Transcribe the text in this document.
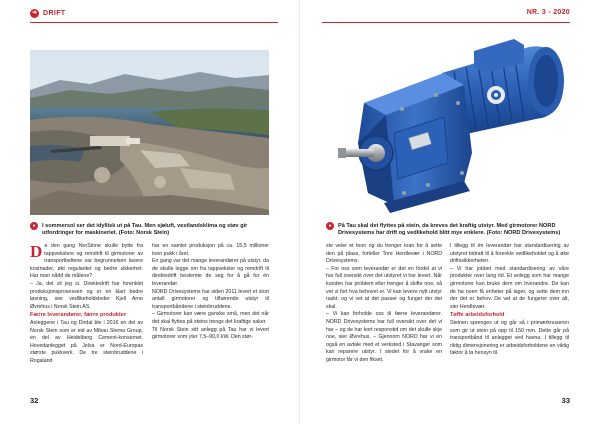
➜ DRIFT
●	I sommersol ser det idyllisk ut på Tau. Men sjøluft, vestlandsklima og støv gir utfordringer for maskineriet. (Foto: Norsk Stein)
D a den gang NorStone skulle bytte fra tappvekslere og remdrift til girmotorer av transportbeltene var begrunnelsen lavere kostnader, økt regularitet og bedre sikkerhet. Har man nådd de målene?

– Ja, det vil jeg si. Direktedrift har forenklet produksjonsprosessen og er en klart bedre løsning, sier vedlikeholdsleder Kjell Arne Øvrehus i Norsk Stein AS.

Færre leverandører, færre produkter

Anleggene i Tau og Dirdal ble i 2016 en del av Norsk Stein som er eid av Mibau Stema Group, en del av Heidelberg Cement-konsernet. Hovedanlegget på Jelsa er Nord-Europas største pukkverk. De tre steinbruddene i Rogaland

har en samlet produksjon på ca. 15,5 millioner tonn pukk i året.

En gang var det mange leverandører på utstyr, da de skulle legge om fra tappveksler og remdrift til direktedrift bestemte de seg for å gå for én leverandør.

NORD Drivesystems har siden 2011 levert et stort antall girmotorer og tilhørende utstyr til transportbåndene i steinbruddene.

– Girmotorer kan være ganske små, men det når det skal flyttes på steins trengs det kraftige saker.

Til Norsk Stein sitt anlegg på Tau har vi levert girmotorer som yter 7,5–90,0 kW. Den stør-

32
NR. 3 - 2020
●	På Tau skal det flyttes på stein, da kreves det kraftig utstyr. Med girmotorer NORD Drivesystems har drift og vedlikehold blitt mye enklere. (Foto: NORD Drivesystems)

ste veier et tonn og du trenger kran for å sette den på plass, forteller Tore Herdlevær i NORD Drivesystems.

– For oss som leverandør er det en fordel at vi har full oversikt over det utstyret vi har levert. Når kunden har problem eller trenger å skifte noe, så vet vi fort hva behovet er. Vi kan levere nytt utstyr raskt, og vi vet at det passer og funger der det skal.

– Vi kan forholde oss til færre leverandører. NORD Drivesystems har full oversikt over det vi har – og de har kort responstid om det skulle skje noe, sier Øvrehus. – Gjennom NORD har vi en også en avtale med et verksted i Stavanger som kan reparere utstyr. I stedet for å vrake en girmotor får vi den fikset.

I tillegg til én leverandør har standardisering av utstyret bidratt til å forenkle vedlikeholdet og å øke driftssikkerheten.

– Vi har jobbet med standardisering av våre produkter over lang tid. Et anlegg som har mange girmotorer kan bruke dem om hverandre. De kan de ha noen få enheter på lager, og sette dem inn der det er behov. De vet at de fungerer over alt, sier Herdlevær.

Tøffe arbeidsforhold

Steinen sprenges ut og går så i primærknuseren som gir ut stein på opp til 150 mm. Dette går på transportbånd til anlegget ved havna. I tillegg til riktig dimensjonering er arbeidsforholdene en viktig faktor å ta hensyn til.

33
